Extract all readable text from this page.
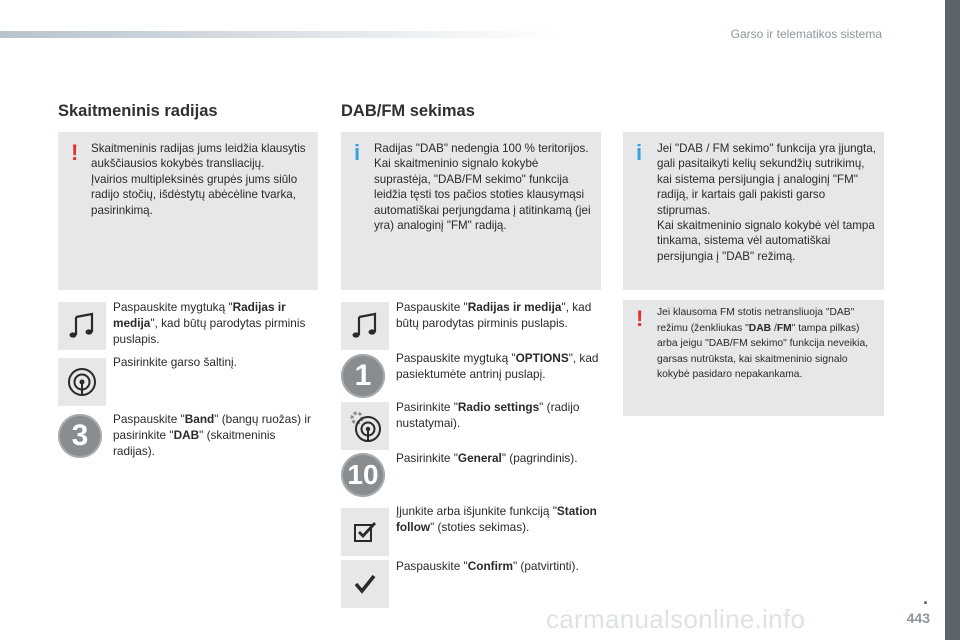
Garso ir telematikos sistema
Skaitmeninis radijas
! Skaitmeninis radijas jums leidžia klausytis aukščiausios kokybės transliacijų.
Įvairios multipleksinės grupės jums siūlo radijo stočių, išdėstytų abėcėline tvarka, pasirinkimą.
Paspauskite mygtuką "Radijas ir medija", kad būtų parodytas pirminis puslapis.
Pasirinkite garso šaltinį.
3	Paspauskite "Band" (bangų ruožas) ir pasirinkite "DAB" (skaitmeninis radijas).
DAB/FM sekimas
i Radijas "DAB" nedengia 100 % teritorijos.
Kai skaitmeninio signalo kokybė suprastėja, "DAB/FM sekimo" funkcija leidžia tęsti tos pačios stoties klausymąsi automatiškai perjungdama į atitinkamą (jei yra) analoginį "FM" radiją.
Paspauskite "Radijas ir medija", kad būtų parodytas pirminis puslapis.
1
Paspauskite mygtuką "OPTIONS", kad pasiektumėte antrinį puslapį.
Pasirinkite "Radio settings" (radijo nustatymai).
10
Pasirinkite "General" (pagrindinis).
Įjunkite arba išjunkite funkciją "Station follow" (stoties sekimas).
Paspauskite "Confirm" (patvirtinti).
i Jei "DAB / FM sekimo" funkcija yra įjungta, gali pasitaikyti kelių sekundžių sutrikimų, kai sistema persijungia į analoginį "FM" radiją, ir kartais gali pakisti garso stiprumas.
Kai skaitmeninio signalo kokybė vėl tampa tinkama, sistema vėl automatiškai persijungia į "DAB" režimą.
! Jei klausoma FM stotis netransliuoja "DAB" režimu (ženkliukas "DAB /FM" tampa pilkas) arba jeigu "DAB/FM sekimo" funkcija neveikia, garsas nutrūksta, kai skaitmeninio signalo kokybė pasidaro nepakankama.
carmanualsonline.info
.
443
